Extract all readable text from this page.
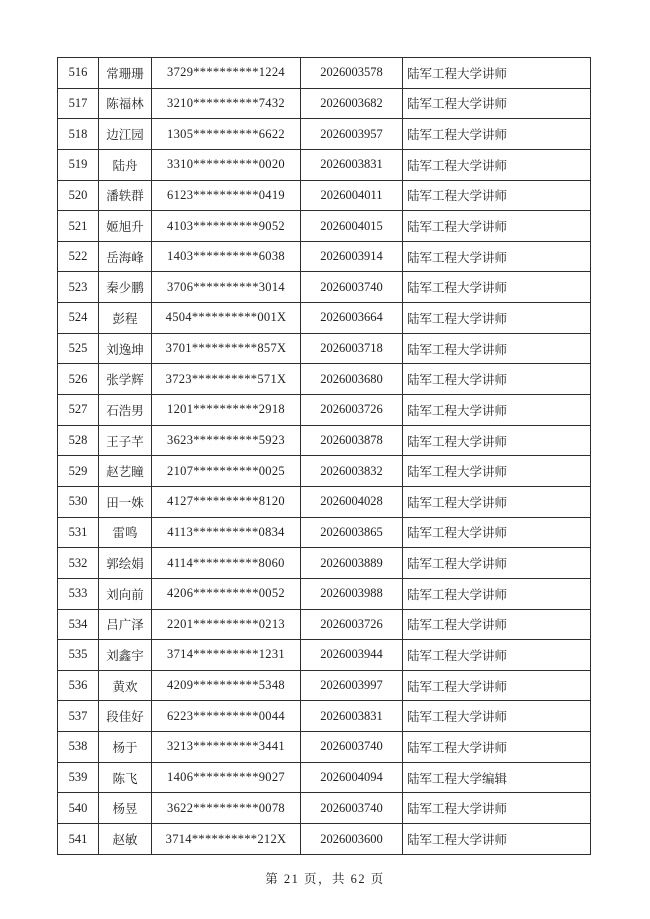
516	常珊珊	3729**********1224	2026003578	陆军工程大学讲师
517	陈福林	3210**********7432	2026003682	陆军工程大学讲师
518	边江园	1305**********6622	2026003957	陆军工程大学讲师
519	陆舟	3310**********0020	2026003831	陆军工程大学讲师
520	潘轶群	6123**********0419	2026004011	陆军工程大学讲师
521	姬旭升	4103**********9052	2026004015	陆军工程大学讲师
522	岳海峰	1403**********6038	2026003914	陆军工程大学讲师
523	秦少鹏	3706**********3014	2026003740	陆军工程大学讲师
524	彭程	4504**********001X	2026003664	陆军工程大学讲师
525	刘逸坤	3701**********857X	2026003718	陆军工程大学讲师
526	张学辉	3723**********571X	2026003680	陆军工程大学讲师
527	石浩男	1201**********2918	2026003726	陆军工程大学讲师
528	王子芊	3623**********5923	2026003878	陆军工程大学讲师
529	赵艺瞳	2107**********0025	2026003832	陆军工程大学讲师
530	田一姝	4127**********8120	2026004028	陆军工程大学讲师
531	雷鸣	4113**********0834	2026003865	陆军工程大学讲师
532	郭绘娟	4114**********8060	2026003889	陆军工程大学讲师
533	刘向前	4206**********0052	2026003988	陆军工程大学讲师
534	吕广泽	2201**********0213	2026003726	陆军工程大学讲师
535	刘鑫宇	3714**********1231	2026003944	陆军工程大学讲师
536	黄欢	4209**********5348	2026003997	陆军工程大学讲师
537	段佳好	6223**********0044	2026003831	陆军工程大学讲师
538	杨于	3213**********3441	2026003740	陆军工程大学讲师
539	陈飞	1406**********9027	2026004094	陆军工程大学编辑
540	杨昱	3622**********0078	2026003740	陆军工程大学讲师
541	赵敏	3714**********212X	2026003600	陆军工程大学讲师
第 21 页，共 62 页
